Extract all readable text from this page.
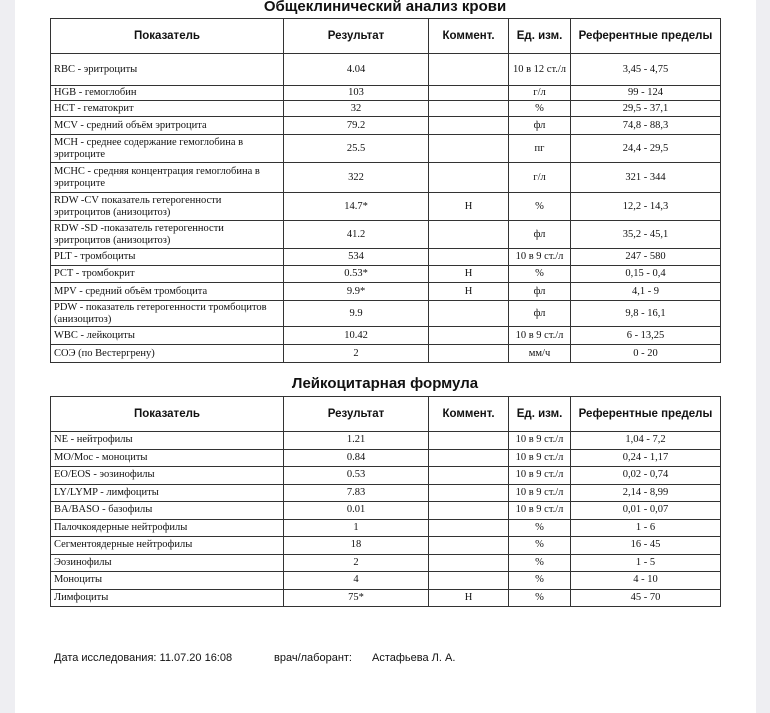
Общеклинический анализ крови
Показатель	Результат	Коммент.	Ед. изм.	Референтные пределы
RBC - эритроциты	4.04		10 в 12 ст./л	3,45 - 4,75
HGB - гемоглобин	103		г/л	99 - 124
HCT - гематокрит	32		%	29,5 - 37,1
MCV - средний объём эритроцита	79.2		фл	74,8 - 88,3
MCH - среднее содержание гемоглобина в эритроците	25.5		пг	24,4 - 29,5
MCHC - средняя концентрация гемоглобина в эритроците	322		г/л	321 - 344
RDW -CV показатель гетерогенности эритроцитов (анизоцитоз)	14.7*	Н	%	12,2 - 14,3
RDW -SD -показатель гетерогенности эритроцитов (анизоцитоз)	41.2		фл	35,2 - 45,1
PLT - тромбоциты	534		10 в 9 ст./л	247 - 580
PCT - тромбокрит	0.53*	Н	%	0,15 - 0,4
MPV - средний объём тромбоцита	9.9*	Н	фл	4,1 - 9
PDW - показатель гетерогенности тромбоцитов (анизоцитоз)	9.9		фл	9,8 - 16,1
WBC - лейкоциты	10.42		10 в 9 ст./л	6 - 13,25
СОЭ (по Вестергрену)	2		мм/ч	0 - 20
Лейкоцитарная формула
Показатель	Результат	Коммент.	Ед. изм.	Референтные пределы
NE - нейтрофилы	1.21		10 в 9 ст./л	1,04 - 7,2
MO/Moc - моноциты	0.84		10 в 9 ст./л	0,24 - 1,17
EO/EOS - эозинофилы	0.53		10 в 9 ст./л	0,02 - 0,74
LY/LYMP - лимфоциты	7.83		10 в 9 ст./л	2,14 - 8,99
BA/BASO - базофилы	0.01		10 в 9 ст./л	0,01 - 0,07
Палочкоядерные нейтрофилы	1		%	1 - 6
Сегментоядерные нейтрофилы	18		%	16 - 45
Эозинофилы	2		%	1 - 5
Моноциты	4		%	4 - 10
Лимфоциты	75*	Н	%	45 - 70
Дата исследования: 11.07.20 16:08	врач/лаборант: Астафьева Л. А.
